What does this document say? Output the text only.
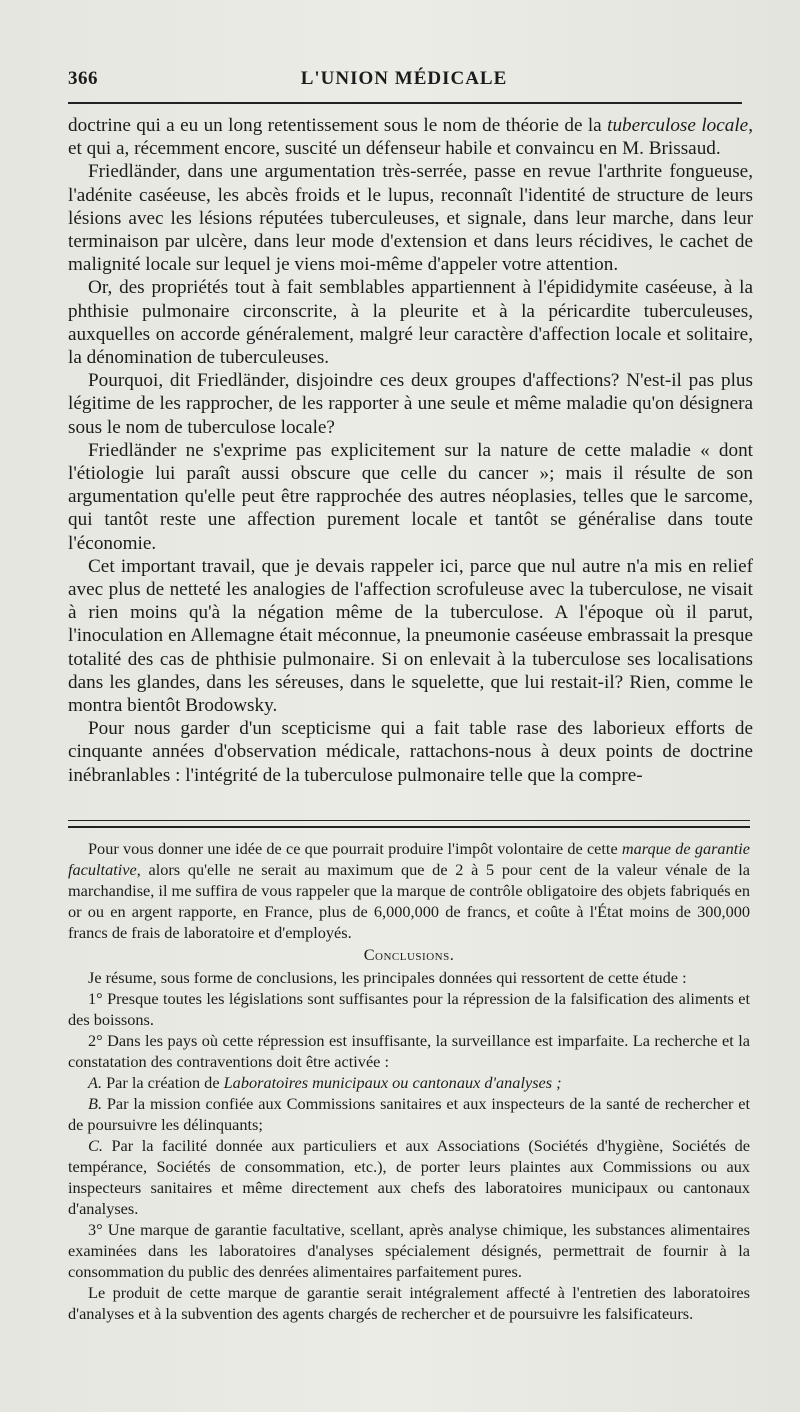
366	L'UNION MÉDICALE

doctrine qui a eu un long retentissement sous le nom de théorie de la tuberculose locale, et qui a, récemment encore, suscité un défenseur habile et convaincu en M. Brissaud.

Friedländer, dans une argumentation très-serrée, passe en revue l'arthrite fongueuse, l'adénite caséeuse, les abcès froids et le lupus, reconnaît l'identité de structure de leurs lésions avec les lésions réputées tuberculeuses, et signale, dans leur marche, dans leur terminaison par ulcère, dans leur mode d'extension et dans leurs récidives, le cachet de malignité locale sur lequel je viens moi-même d'appeler votre attention.

Or, des propriétés tout à fait semblables appartiennent à l'épididymite caséeuse, à la phthisie pulmonaire circonscrite, à la pleurite et à la péricardite tuberculeuses, auxquelles on accorde généralement, malgré leur caractère d'affection locale et solitaire, la dénomination de tuberculeuses.

Pourquoi, dit Friedländer, disjoindre ces deux groupes d'affections? N'est-il pas plus légitime de les rapprocher, de les rapporter à une seule et même maladie qu'on désignera sous le nom de tuberculose locale?

Friedländer ne s'exprime pas explicitement sur la nature de cette maladie « dont l'étiologie lui paraît aussi obscure que celle du cancer »; mais il résulte de son argumentation qu'elle peut être rapprochée des autres néoplasies, telles que le sarcome, qui tantôt reste une affection purement locale et tantôt se généralise dans toute l'économie.

Cet important travail, que je devais rappeler ici, parce que nul autre n'a mis en relief avec plus de netteté les analogies de l'affection scrofuleuse avec la tuberculose, ne visait à rien moins qu'à la négation même de la tuberculose. A l'époque où il parut, l'inoculation en Allemagne était méconnue, la pneumonie caséeuse embrassait la presque totalité des cas de phthisie pulmonaire. Si on enlevait à la tuberculose ses localisations dans les glandes, dans les séreuses, dans le squelette, que lui restait-il? Rien, comme le montra bientôt Brodowsky.

Pour nous garder d'un scepticisme qui a fait table rase des laborieux efforts de cinquante années d'observation médicale, rattachons-nous à deux points de doctrine inébranlables : l'intégrité de la tuberculose pulmonaire telle que la compre-

Pour vous donner une idée de ce que pourrait produire l'impôt volontaire de cette marque de garantie facultative, alors qu'elle ne serait au maximum que de 2 à 5 pour cent de la valeur vénale de la marchandise, il me suffira de vous rappeler que la marque de contrôle obligatoire des objets fabriqués en or ou en argent rapporte, en France, plus de 6,000,000 de francs, et coûte à l'État moins de 300,000 francs de frais de laboratoire et d'employés.

Conclusions.

Je résume, sous forme de conclusions, les principales données qui ressortent de cette étude :

1° Presque toutes les législations sont suffisantes pour la répression de la falsification des aliments et des boissons.

2° Dans les pays où cette répression est insuffisante, la surveillance est imparfaite. La recherche et la constatation des contraventions doit être activée :

A. Par la création de Laboratoires municipaux ou cantonaux d'analyses ;

B. Par la mission confiée aux Commissions sanitaires et aux inspecteurs de la santé de rechercher et de poursuivre les délinquants;

C. Par la facilité donnée aux particuliers et aux Associations (Sociétés d'hygiène, Sociétés de tempérance, Sociétés de consommation, etc.), de porter leurs plaintes aux Commissions ou aux inspecteurs sanitaires et même directement aux chefs des laboratoires municipaux ou cantonaux d'analyses.

3° Une marque de garantie facultative, scellant, après analyse chimique, les substances alimentaires examinées dans les laboratoires d'analyses spécialement désignés, permettrait de fournir à la consommation du public des denrées alimentaires parfaitement pures.

Le produit de cette marque de garantie serait intégralement affecté à l'entretien des laboratoires d'analyses et à la subvention des agents chargés de rechercher et de poursuivre les falsificateurs.
